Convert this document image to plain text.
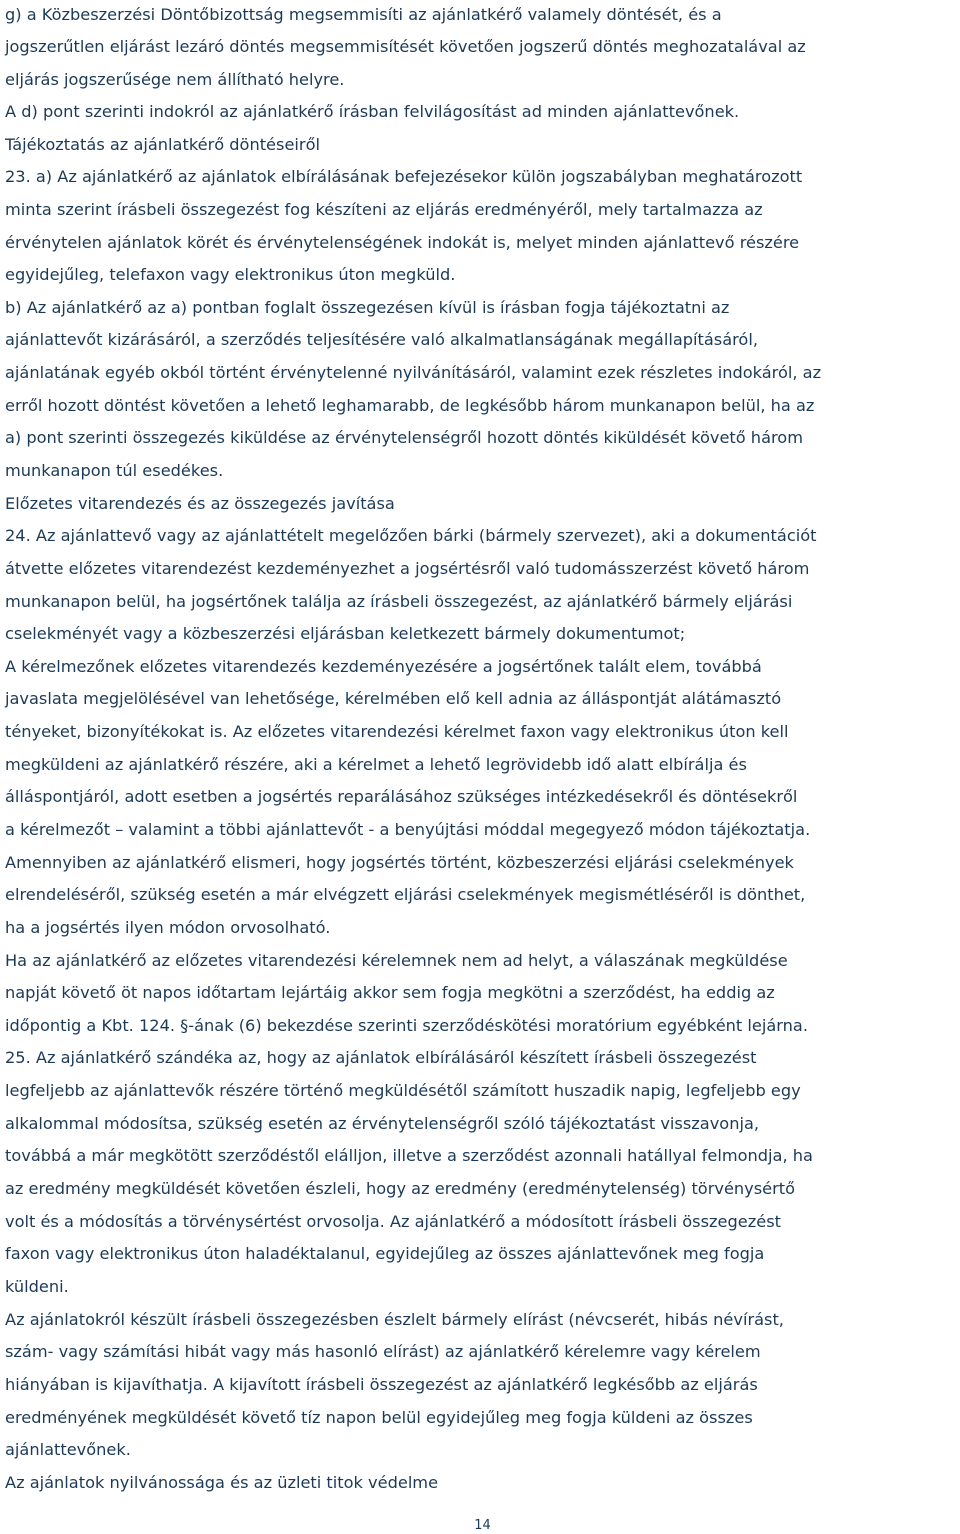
g) a Közbeszerzési Döntőbizottság megsemmisíti az ajánlatkérő valamely döntését, és a
jogszerűtlen eljárást lezáró döntés megsemmisítését követően jogszerű döntés meghozatalával az
eljárás jogszerűsége nem állítható helyre.
A d) pont szerinti indokról az ajánlatkérő írásban felvilágosítást ad minden ajánlattevőnek.
Tájékoztatás az ajánlatkérő döntéseiről
23. a) Az ajánlatkérő az ajánlatok elbírálásának befejezésekor külön jogszabályban meghatározott
minta szerint írásbeli összegezést fog készíteni az eljárás eredményéről, mely tartalmazza az
érvénytelen ajánlatok körét és érvénytelenségének indokát is, melyet minden ajánlattevő részére
egyidejűleg, telefaxon vagy elektronikus úton megküld.
b) Az ajánlatkérő az a) pontban foglalt összegezésen kívül is írásban fogja tájékoztatni az
ajánlattevőt kizárásáról, a szerződés teljesítésére való alkalmatlanságának megállapításáról,
ajánlatának egyéb okból történt érvénytelenné nyilvánításáról, valamint ezek részletes indokáról, az
erről hozott döntést követően a lehető leghamarabb, de legkésőbb három munkanapon belül, ha az
a) pont szerinti összegezés kiküldése az érvénytelenségről hozott döntés kiküldését követő három
munkanapon túl esedékes.
Előzetes vitarendezés és az összegezés javítása
24. Az ajánlattevő vagy az ajánlattételt megelőzően bárki (bármely szervezet), aki a dokumentációt
átvette előzetes vitarendezést kezdeményezhet a jogsértésről való tudomásszerzést követő három
munkanapon belül, ha jogsértőnek találja az írásbeli összegezést, az ajánlatkérő bármely eljárási
cselekményét vagy a közbeszerzési eljárásban keletkezett bármely dokumentumot;
A kérelmezőnek előzetes vitarendezés kezdeményezésére a jogsértőnek talált elem, továbbá
javaslata megjelölésével van lehetősége, kérelmében elő kell adnia az álláspontját alátámasztó
tényeket, bizonyítékokat is. Az előzetes vitarendezési kérelmet faxon vagy elektronikus úton kell
megküldeni az ajánlatkérő részére, aki a kérelmet a lehető legrövidebb idő alatt elbírálja és
álláspontjáról, adott esetben a jogsértés reparálásához szükséges intézkedésekről és döntésekről
a kérelmezőt – valamint a többi ajánlattevőt - a benyújtási móddal megegyező módon tájékoztatja.
Amennyiben az ajánlatkérő elismeri, hogy jogsértés történt, közbeszerzési eljárási cselekmények
elrendeléséről, szükség esetén a már elvégzett eljárási cselekmények megismétléséről is dönthet,
ha a jogsértés ilyen módon orvosolható.
Ha az ajánlatkérő az előzetes vitarendezési kérelemnek nem ad helyt, a válaszának megküldése
napját követő öt napos időtartam lejártáig akkor sem fogja megkötni a szerződést, ha eddig az
időpontig a Kbt. 124. §-ának (6) bekezdése szerinti szerződéskötési moratórium egyébként lejárna.
25. Az ajánlatkérő szándéka az, hogy az ajánlatok elbírálásáról készített írásbeli összegezést
legfeljebb az ajánlattevők részére történő megküldésétől számított huszadik napig, legfeljebb egy
alkalommal módosítsa, szükség esetén az érvénytelenségről szóló tájékoztatást visszavonja,
továbbá a már megkötött szerződéstől elálljon, illetve a szerződést azonnali hatállyal felmondja, ha
az eredmény megküldését követően észleli, hogy az eredmény (eredménytelenség) törvénysértő
volt és a módosítás a törvénysértést orvosolja. Az ajánlatkérő a módosított írásbeli összegezést
faxon vagy elektronikus úton haladéktalanul, egyidejűleg az összes ajánlattevőnek meg fogja
küldeni.
Az ajánlatokról készült írásbeli összegezésben észlelt bármely elírást (névcserét, hibás névírást,
szám- vagy számítási hibát vagy más hasonló elírást) az ajánlatkérő kérelemre vagy kérelem
hiányában is kijavíthatja. A kijavított írásbeli összegezést az ajánlatkérő legkésőbb az eljárás
eredményének megküldését követő tíz napon belül egyidejűleg meg fogja küldeni az összes
ajánlattevőnek.
Az ajánlatok nyilvánossága és az üzleti titok védelme
14
